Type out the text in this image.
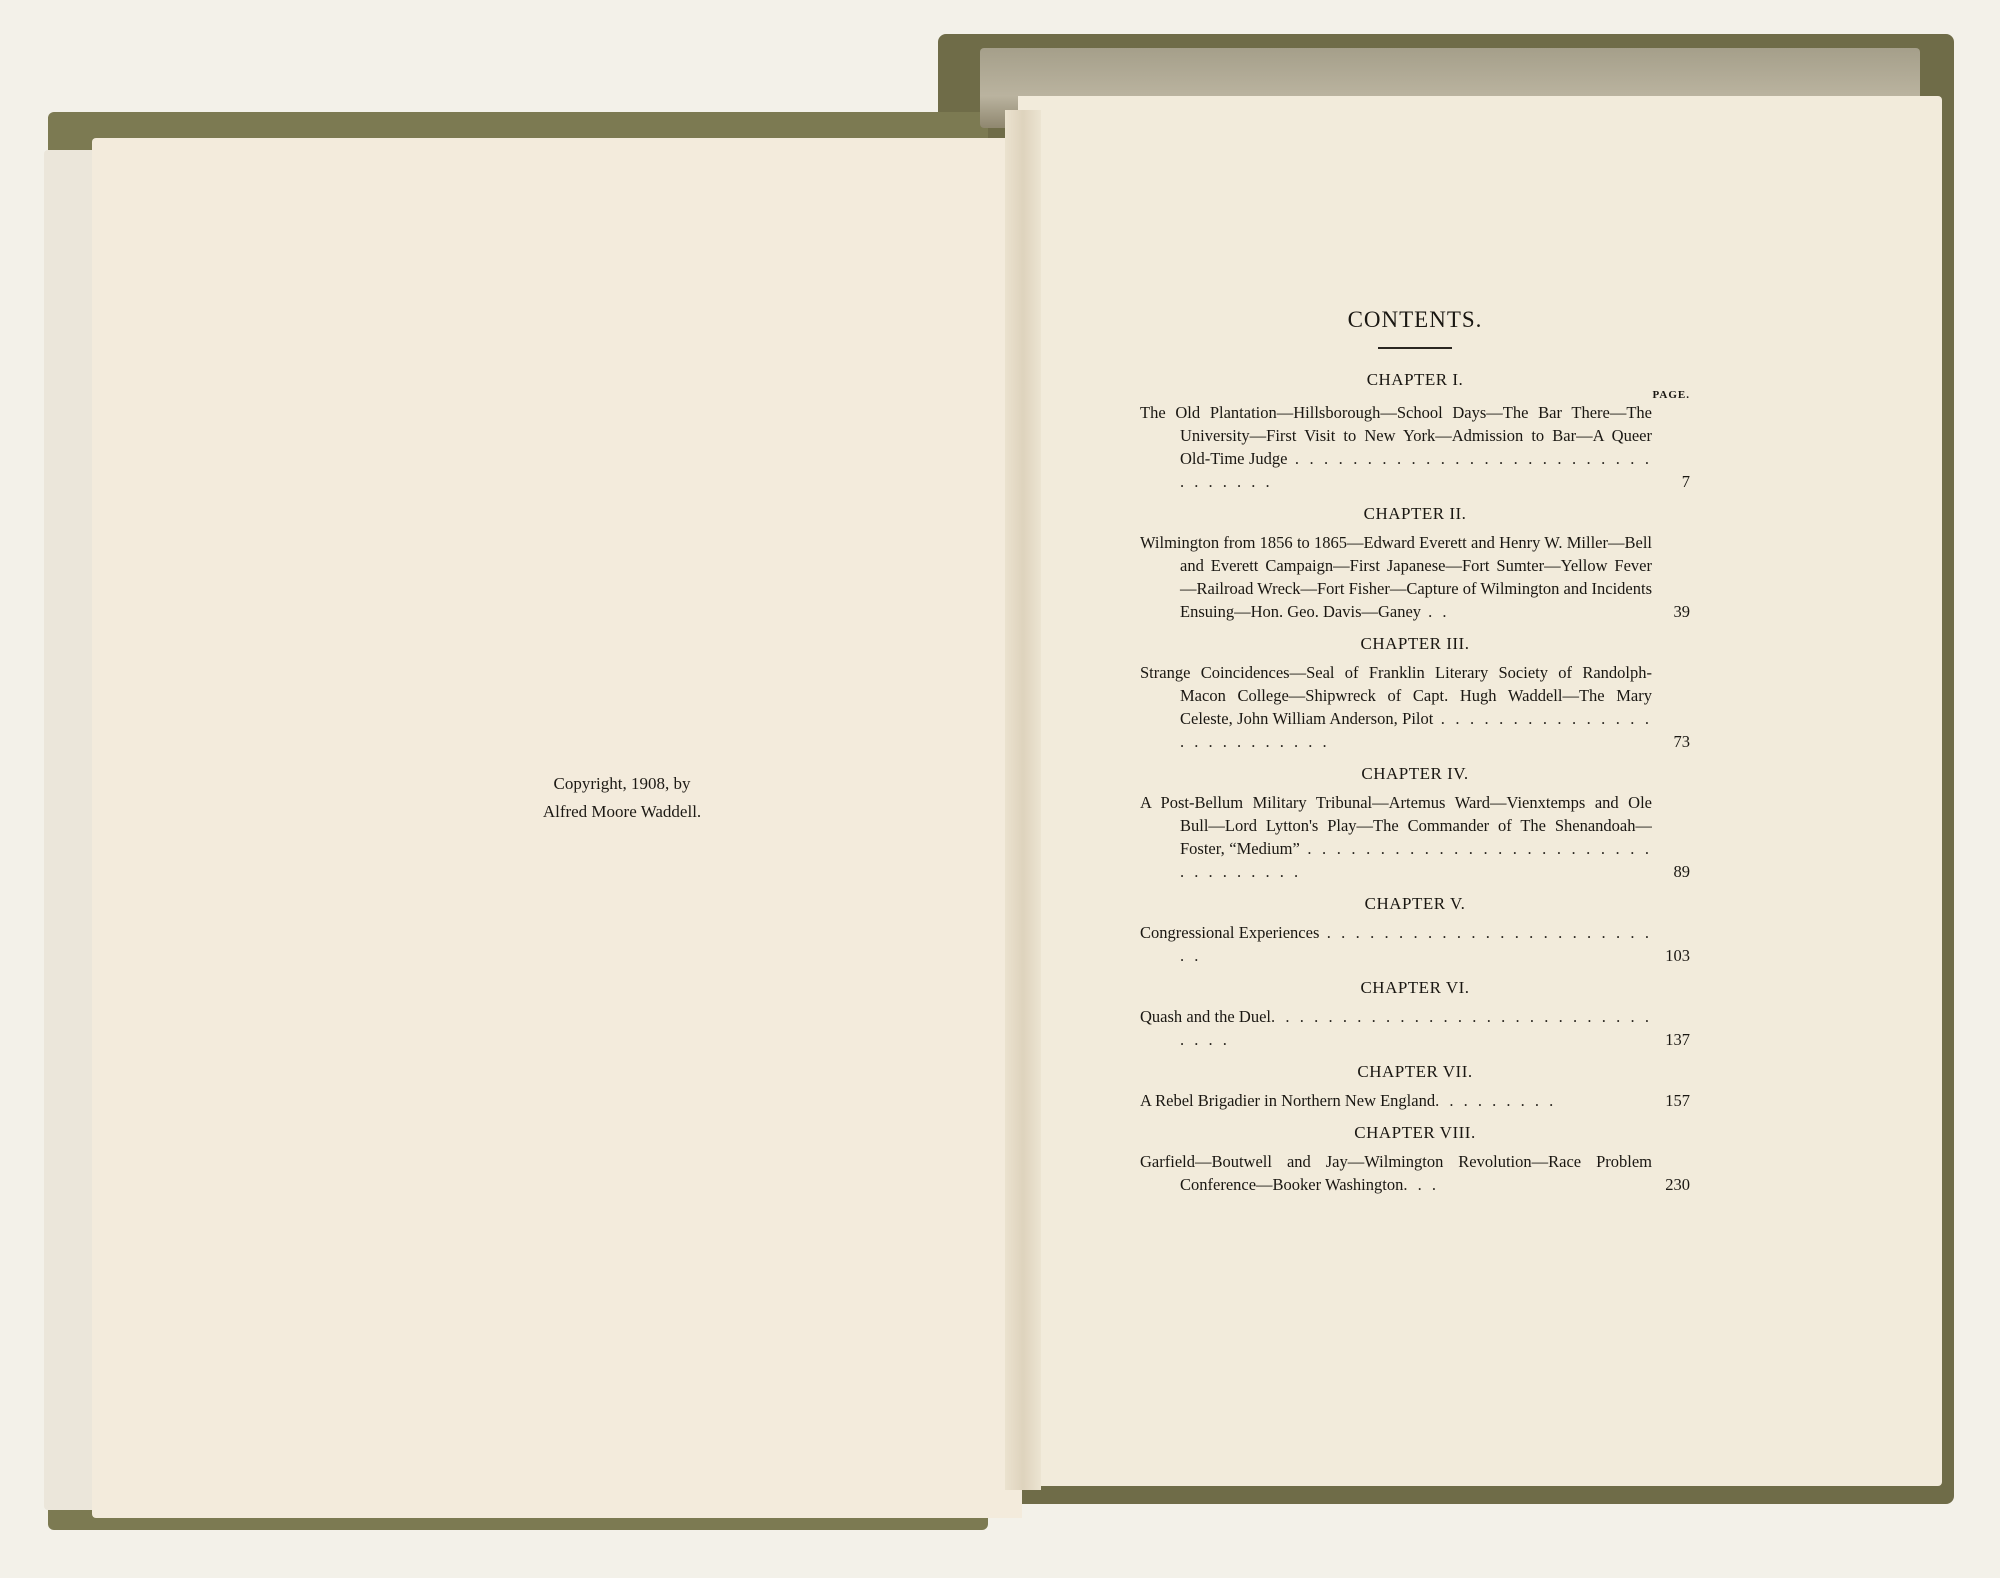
Copyright, 1908, by
Alfred Moore Waddell.
CONTENTS.
CHAPTER I.
PAGE.
The Old Plantation—Hillsborough—School Days—The Bar There—The University—First Visit to New York—Admission to Bar—A Queer Old-Time Judge . . . . . . . . . . . . . . . . . . . . . . . . . . . . . . . .	7
CHAPTER II.
Wilmington from 1856 to 1865—Edward Everett and Henry W. Miller—Bell and Everett Campaign—First Japanese—Fort Sumter—Yellow Fever—Railroad Wreck—Fort Fisher—Capture of Wilmington and Incidents Ensuing—Hon. Geo. Davis—Ganey . .	39
CHAPTER III.
Strange Coincidences—Seal of Franklin Literary Society of Randolph-Macon College—Shipwreck of Capt. Hugh Waddell—The Mary Celeste, John William Anderson, Pilot . . . . . . . . . . . . . . . . . . . . . . . . . .	73
CHAPTER IV.
A Post-Bellum Military Tribunal—Artemus Ward—Vienxtemps and Ole Bull—Lord Lytton's Play—The Commander of The Shenandoah—Foster, “Medium” . . . . . . . . . . . . . . . . . . . . . . . . . . . . . . . . .	89
CHAPTER V.
Congressional Experiences . . . . . . . . . . . . . . . . . . . . . . . . .	103
CHAPTER VI.
Quash and the Duel. . . . . . . . . . . . . . . . . . . . . . . . . . . . . . .	137
CHAPTER VII.
A Rebel Brigadier in Northern New England. . . . . . . . .	157
CHAPTER VIII.
Garfield—Boutwell and Jay—Wilmington Revolution—Race Problem Conference—Booker Washington. . .	230
